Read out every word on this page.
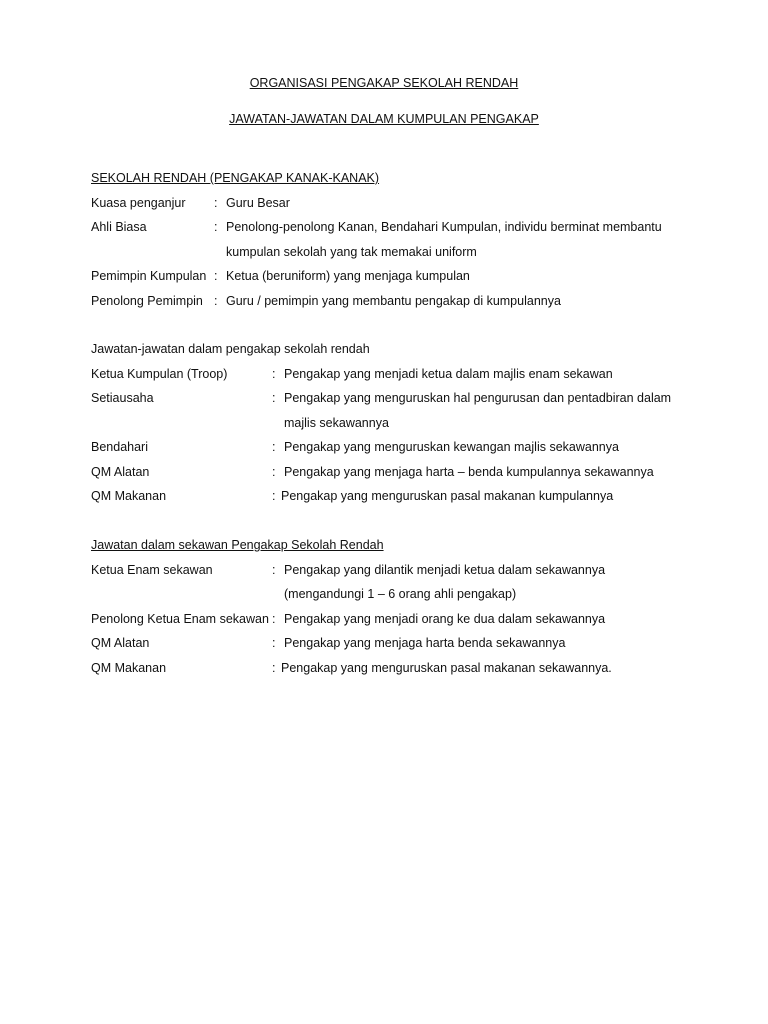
ORGANISASI PENGAKAP SEKOLAH RENDAH
JAWATAN-JAWATAN DALAM KUMPULAN PENGAKAP
SEKOLAH RENDAH (PENGAKAP KANAK-KANAK)
Kuasa penganjur : Guru Besar
Ahli Biasa	: Penolong-penolong Kanan, Bendahari Kumpulan, individu berminat membantu
kumpulan sekolah yang tak memakai uniform
Pemimpin Kumpulan : Ketua (beruniform) yang menjaga kumpulan
Penolong Pemimpin : Guru / pemimpin yang membantu pengakap di kumpulannya
Jawatan-jawatan dalam pengakap sekolah rendah
Ketua Kumpulan (Troop)	: Pengakap yang menjadi ketua dalam majlis enam sekawan
Setiausaha	: Pengakap yang menguruskan hal pengurusan dan pentadbiran dalam
majlis sekawannya
Bendahari	: Pengakap yang menguruskan kewangan majlis sekawannya
QM Alatan	: Pengakap yang menjaga harta – benda kumpulannya sekawannya
QM Makanan	: Pengakap yang menguruskan pasal makanan kumpulannya
Jawatan dalam sekawan Pengakap Sekolah Rendah
Ketua Enam sekawan	: Pengakap yang dilantik menjadi ketua dalam sekawannya
(mengandungi 1 – 6 orang ahli pengakap)
Penolong Ketua Enam sekawan : Pengakap yang menjadi orang ke dua dalam sekawannya
QM Alatan	: Pengakap yang menjaga harta benda sekawannya
QM Makanan	: Pengakap yang menguruskan pasal makanan sekawannya.
